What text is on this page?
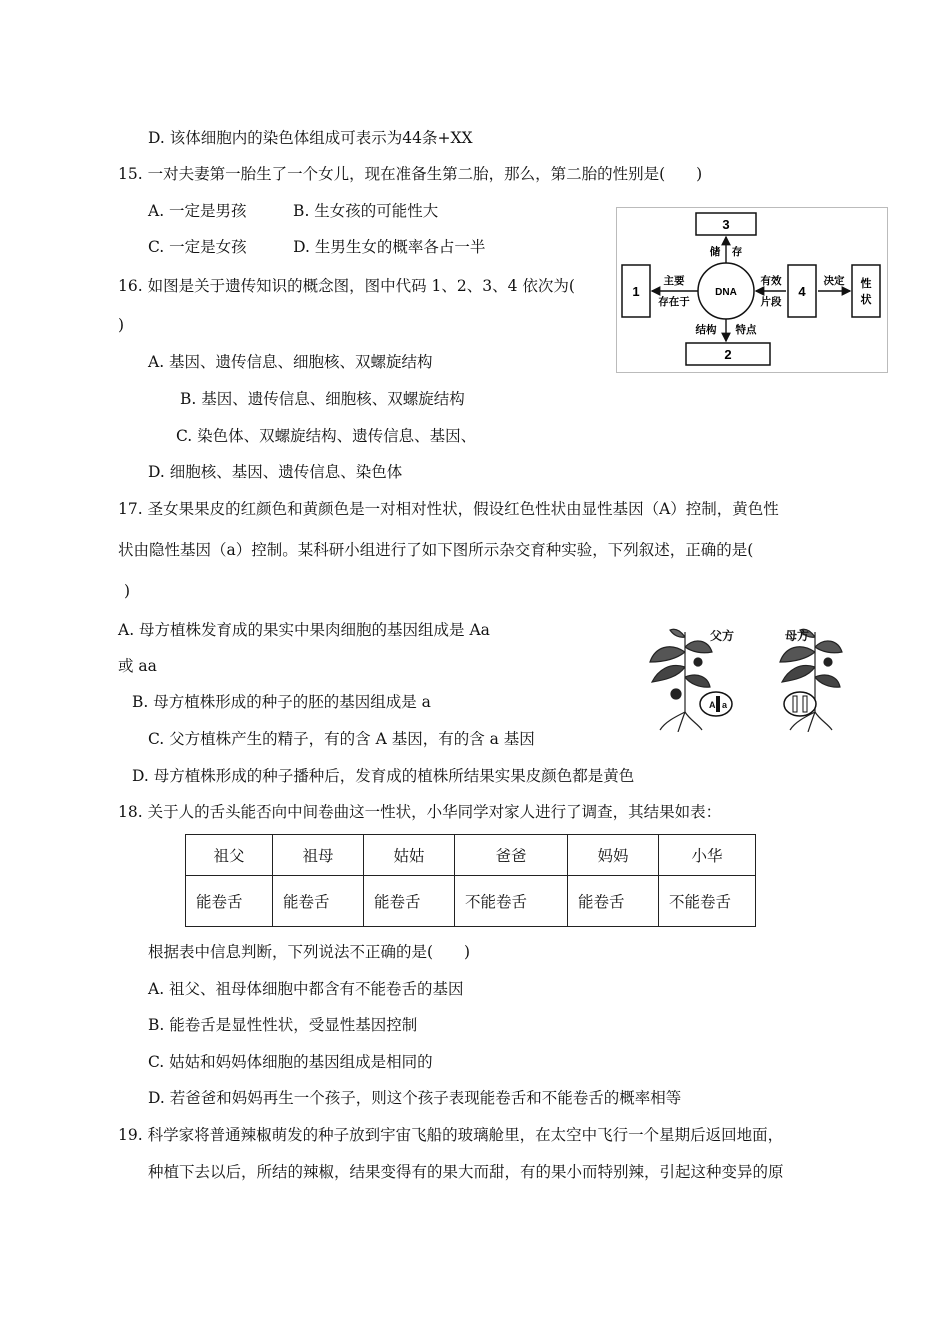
D. 该体细胞内的染色体组成可表示为44条+XX
15. 一对夫妻第一胎生了一个女儿，现在准备生第二胎，那么，第二胎的性别是(　　)
A. 一定是男孩　　　B. 生女孩的可能性大
C. 一定是女孩　　　D. 生男生女的概率各占一半
16. 如图是关于遗传知识的概念图，图中代码 1、2、3、4 依次为(
)
A. 基因、遗传信息、细胞核、双螺旋结构
B. 基因、遗传信息、细胞核、双螺旋结构
C. 染色体、双螺旋结构、遗传信息、基因、
D. 细胞核、基因、遗传信息、染色体
17. 圣女果果皮的红颜色和黄颜色是一对相对性状，假设红色性状由显性基因（A）控制，黄色性
状由隐性基因（a）控制。某科研小组进行了如下图所示杂交育种实验，下列叙述，正确的是(
)
A. 母方植株发育成的果实中果肉细胞的基因组成是 Aa
或 aa
B. 母方植株形成的种子的胚的基因组成是 a
C. 父方植株产生的精子，有的含 A 基因，有的含 a 基因
D. 母方植株形成的种子播种后，发育成的植株所结果实果皮颜色都是黄色
18. 关于人的舌头能否向中间卷曲这一性状，小华同学对家人进行了调查，其结果如表：
祖父	祖母	姑姑	爸爸	妈妈	小华
能卷舌	能卷舌	能卷舌	不能卷舌	能卷舌	不能卷舌
根据表中信息判断，下列说法不正确的是(　　)
A. 祖父、祖母体细胞中都含有不能卷舌的基因
B. 能卷舌是显性性状，受显性基因控制
C. 姑姑和妈妈体细胞的基因组成是相同的
D. 若爸爸和妈妈再生一个孩子，则这个孩子表现能卷舌和不能卷舌的概率相等
19. 科学家将普通辣椒萌发的种子放到宇宙飞船的玻璃舱里，在太空中飞行一个星期后返回地面，
种植下去以后，所结的辣椒，结果变得有的果大而甜，有的果小而特别辣，引起这种变异的原
3
2
1	4	性
状
DNA
主要
存在于
储 存
有效
片段
决定
结构 特点
A a
父方	母方
